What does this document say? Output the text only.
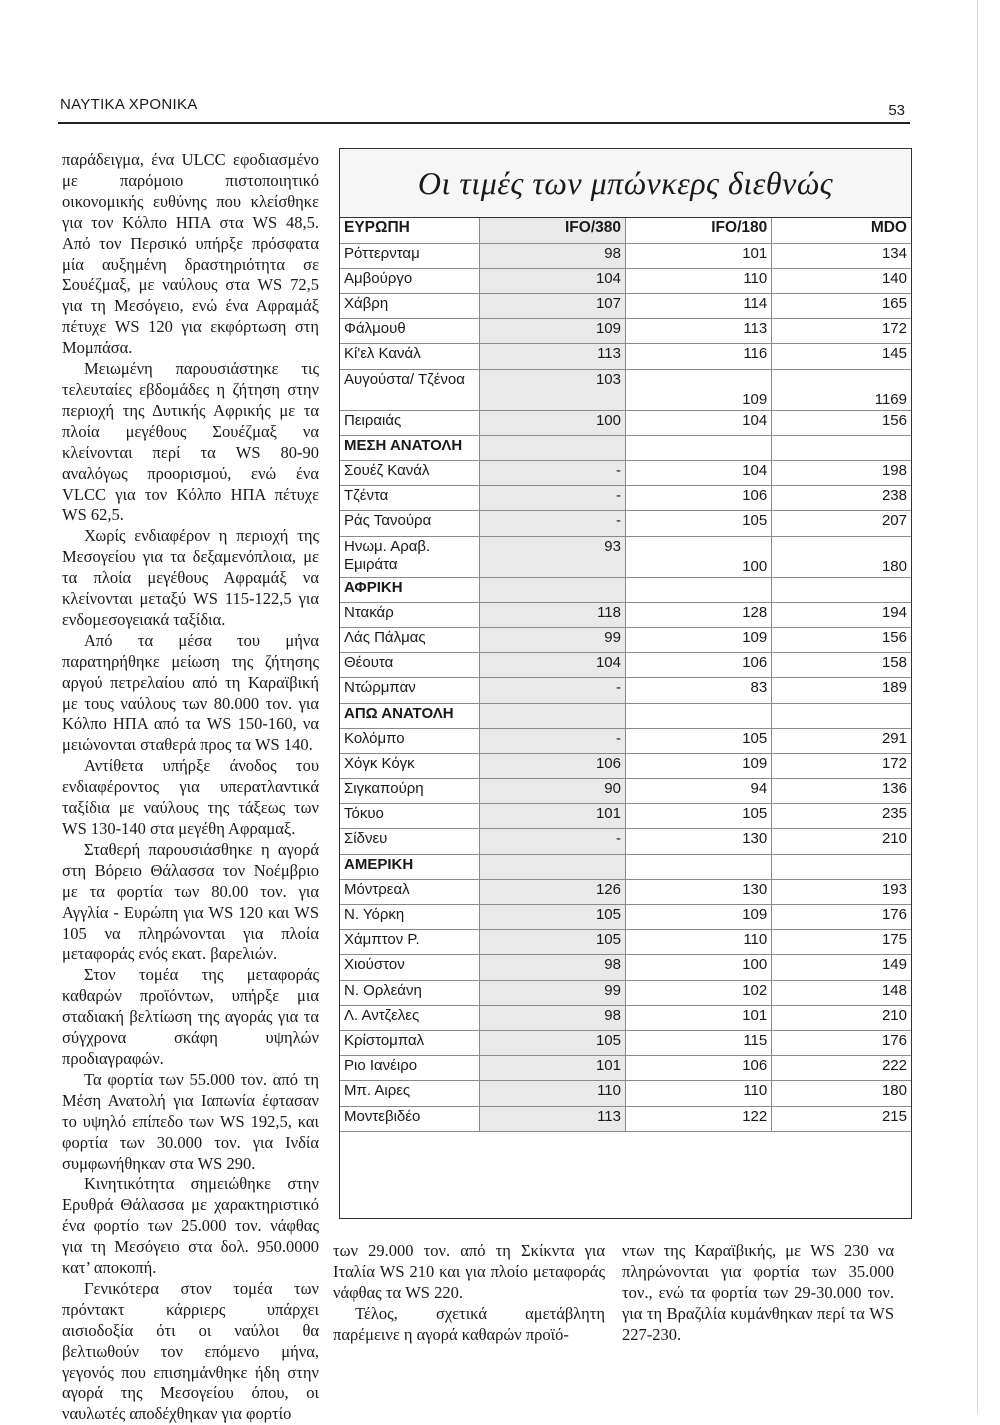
ΝΑΥΤΙΚΑ ΧΡΟΝΙΚΑ	53

παράδειγμα, ένα ULCC εφοδιασμένο με παρόμοιο πιστοποιητικό οικονομικής ευθύνης που κλείσθηκε για τον Κόλπο ΗΠΑ στα WS 48,5. Από τον Περσικό υπήρξε πρόσφατα μία αυξημένη δραστηριότητα σε Σουέζμαξ, με ναύλους στα WS 72,5 για τη Μεσόγειο, ενώ ένα Αφραμάξ πέτυχε WS 120 για εκφόρτωση στη Μομπάσα.

Μειωμένη παρουσιάστηκε τις τελευταίες εβδομάδες η ζήτηση στην περιοχή της Δυτικής Αφρικής με τα πλοία μεγέθους Σουέζμαξ να κλείνονται περί τα WS 80-90 αναλόγως προορισμού, ενώ ένα VLCC για τον Κόλπο ΗΠΑ πέτυχε WS 62,5.

Χωρίς ενδιαφέρον η περιοχή της Μεσογείου για τα δεξαμενόπλοια, με τα πλοία μεγέθους Αφραμάξ να κλείνονται μεταξύ WS 115-122,5 για ενδομεσογειακά ταξίδια.

Από τα μέσα του μήνα παρατηρήθηκε μείωση της ζήτησης αργού πετρελαίου από τη Καραϊβική με τους ναύλους των 80.000 τον. για Κόλπο ΗΠΑ από τα WS 150-160, να μειώνονται σταθερά προς τα WS 140.

Αντίθετα υπήρξε άνοδος του ενδιαφέροντος για υπερατλαντικά ταξίδια με ναύλους της τάξεως των WS 130-140 στα μεγέθη Αφραμαξ.

Σταθερή παρουσιάσθηκε η αγορά στη Βόρειο Θάλασσα τον Νοέμβριο με τα φορτία των 80.00 τον. για Αγγλία - Ευρώπη για WS 120 και WS 105 να πληρώνονται για πλοία μεταφοράς ενός εκατ. βαρελιών.

Στον τομέα της μεταφοράς καθαρών προϊόντων, υπήρξε μια σταδιακή βελτίωση της αγοράς για τα σύγχρονα σκάφη υψηλών προδιαγραφών.

Τα φορτία των 55.000 τον. από τη Μέση Ανατολή για Ιαπωνία έφτασαν το υψηλό επίπεδο των WS 192,5, και φορτία των 30.000 τον. για Ινδία συμφωνήθηκαν στα WS 290.

Κινητικότητα σημειώθηκε στην Ερυθρά Θάλασσα με χαρακτηριστικό ένα φορτίο των 25.000 τον. νάφθας για τη Μεσόγειο στα δολ. 950.0000 κατ’ αποκοπή.

Γενικότερα στον τομέα των πρόντακτ κάρριερς υπάρχει αισιοδοξία ότι οι ναύλοι θα βελτιωθούν τον επόμενο μήνα, γεγονός που επισημάνθηκε ήδη στην αγορά της Μεσογείου όπου, οι ναυλωτές αποδέχθηκαν για φορτίο

Οι τιμές των μπώνκερς διεθνώς
ΕΥΡΩΠΗ	IFO/380	IFO/180	MDO
Ρόττερνταμ	98	101	134
Αμβούργο	104	110	140
Χάβρη	107	114	165
Φάλμουθ	109	113	172
Κί'ελ Κανάλ	113	116	145
Αυγούστα/ Τζένοα	103	109	1169
Πειραιάς	100	104	156
ΜΕΣΗ ΑΝΑΤΟΛΗ			
Σουέζ Κανάλ	-	104	198
Τζέντα	-	106	238
Ράς Τανούρα	-	105	207
Ηνωμ. Αραβ. Εμιράτα	93	100	180
ΑΦΡΙΚΗ			
Ντακάρ	118	128	194
Λάς Πάλμας	99	109	156
Θέουτα	104	106	158
Ντώρμπαν	-	83	189
ΑΠΩ ΑΝΑΤΟΛΗ			
Κολόμπο	-	105	291
Χόγκ Κόγκ	106	109	172
Σιγκαπούρη	90	94	136
Τόκυο	101	105	235
Σίδνευ	-	130	210
ΑΜΕΡΙΚΗ			
Μόντρεαλ	126	130	193
Ν. Υόρκη	105	109	176
Χάμπτον Ρ.	105	110	175
Χιούστον	98	100	149
Ν. Ορλεάνη	99	102	148
Λ. Αντζελες	98	101	210
Κρίστομπαλ	105	115	176
Ριο Ιανέιρο	101	106	222
Μπ. Αιρες	110	110	180
Μοντεβιδέο	113	122	215

των 29.000 τον. από τη Σκίκντα για Ιταλία WS 210 και για πλοίο μεταφοράς νάφθας τα WS 220.

Τέλος, σχετικά αμετάβλητη παρέμεινε η αγορά καθαρών προϊό-

ντων της Καραϊβικής, με WS 230 να πληρώνονται για φορτία των 35.000 τον., ενώ τα φορτία των 29-30.000 τον. για τη Βραζιλία κυμάνθηκαν περί τα WS 227-230.
